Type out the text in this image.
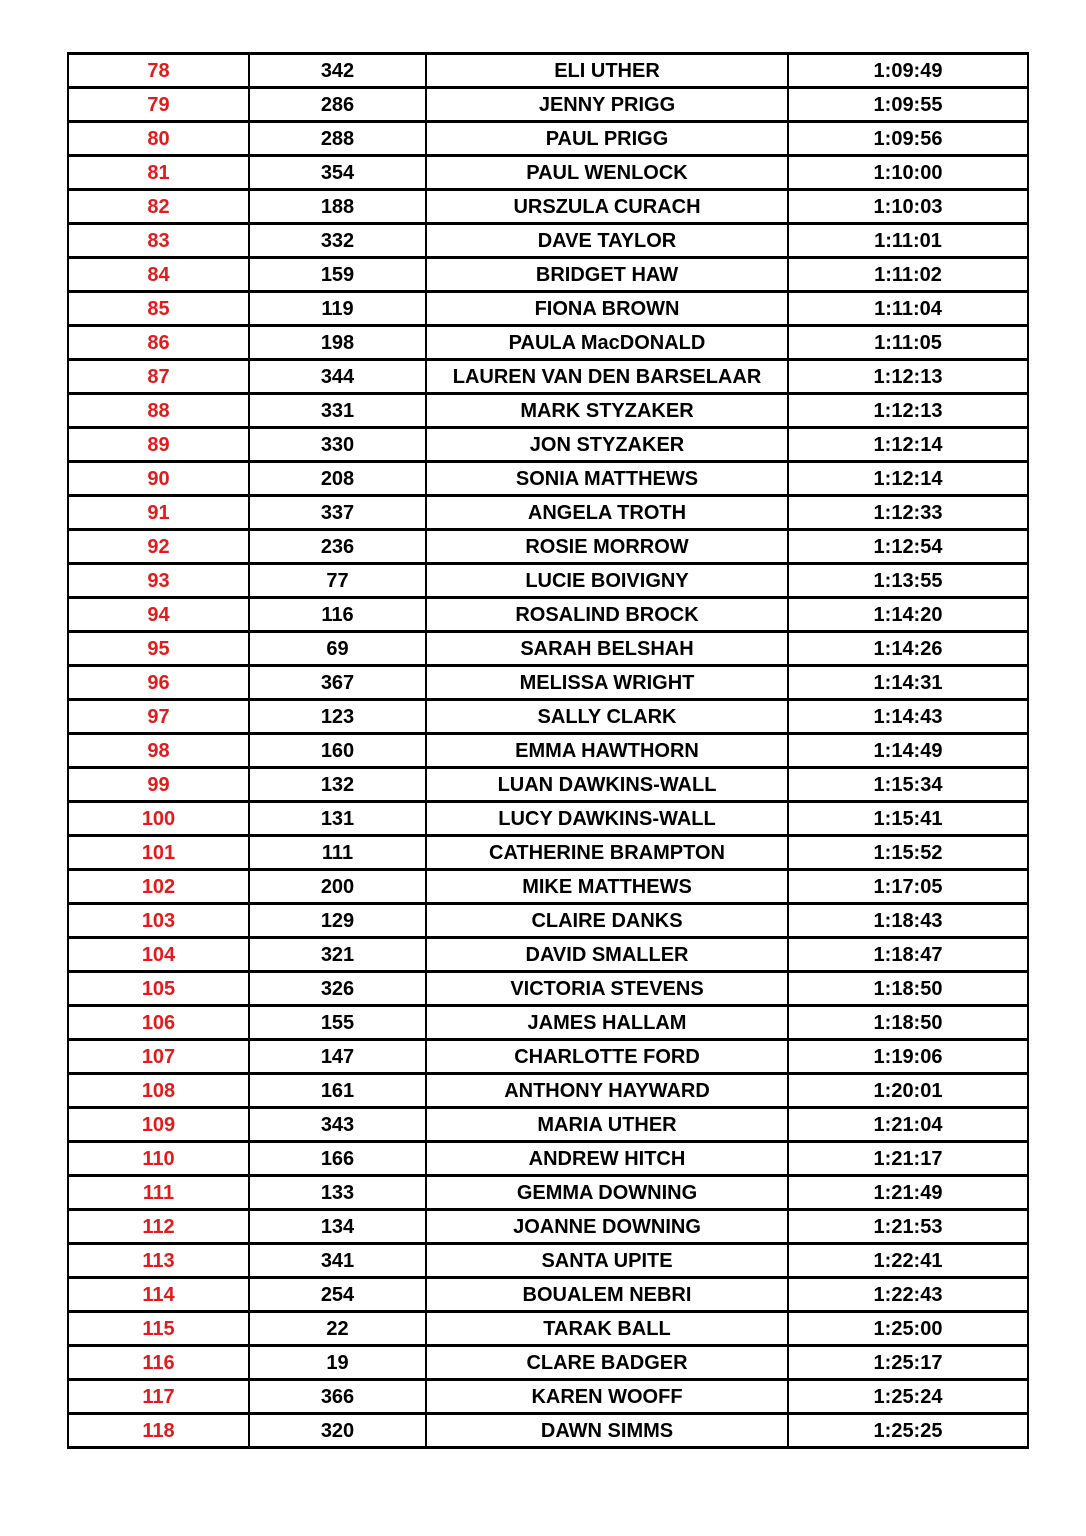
78	342	ELI UTHER	1:09:49
79	286	JENNY PRIGG	1:09:55
80	288	PAUL PRIGG	1:09:56
81	354	PAUL WENLOCK	1:10:00
82	188	URSZULA CURACH	1:10:03
83	332	DAVE TAYLOR	1:11:01
84	159	BRIDGET HAW	1:11:02
85	119	FIONA BROWN	1:11:04
86	198	PAULA MacDONALD	1:11:05
87	344	LAUREN VAN DEN BARSELAAR	1:12:13
88	331	MARK STYZAKER	1:12:13
89	330	JON STYZAKER	1:12:14
90	208	SONIA MATTHEWS	1:12:14
91	337	ANGELA TROTH	1:12:33
92	236	ROSIE MORROW	1:12:54
93	77	LUCIE BOIVIGNY	1:13:55
94	116	ROSALIND BROCK	1:14:20
95	69	SARAH BELSHAH	1:14:26
96	367	MELISSA WRIGHT	1:14:31
97	123	SALLY CLARK	1:14:43
98	160	EMMA HAWTHORN	1:14:49
99	132	LUAN DAWKINS-WALL	1:15:34
100	131	LUCY DAWKINS-WALL	1:15:41
101	111	CATHERINE BRAMPTON	1:15:52
102	200	MIKE MATTHEWS	1:17:05
103	129	CLAIRE DANKS	1:18:43
104	321	DAVID SMALLER	1:18:47
105	326	VICTORIA STEVENS	1:18:50
106	155	JAMES HALLAM	1:18:50
107	147	CHARLOTTE FORD	1:19:06
108	161	ANTHONY HAYWARD	1:20:01
109	343	MARIA UTHER	1:21:04
110	166	ANDREW HITCH	1:21:17
111	133	GEMMA DOWNING	1:21:49
112	134	JOANNE DOWNING	1:21:53
113	341	SANTA UPITE	1:22:41
114	254	BOUALEM NEBRI	1:22:43
115	22	TARAK BALL	1:25:00
116	19	CLARE BADGER	1:25:17
117	366	KAREN WOOFF	1:25:24
118	320	DAWN SIMMS	1:25:25
